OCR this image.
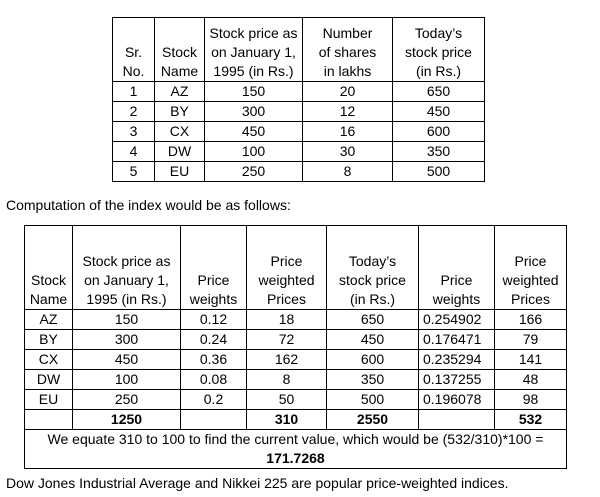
Sr.
No.	Stock
Name	Stock price as
on January 1,
1995 (in Rs.)	Number
of shares
in lakhs	Today’s
stock price
(in Rs.)
1	AZ	150	20	650
2	BY	300	12	450
3	CX	450	16	600
4	DW	100	30	350
5	EU	250	8	500
Computation of the index would be as follows:
Stock
Name	Stock price as
on January 1,
1995 (in Rs.)	Price
weights	Price
weighted
Prices	Today’s
stock price
(in Rs.)	Price
weights	Price
weighted
Prices
AZ	150	0.12	18	650	0.254902	166
BY	300	0.24	72	450	0.176471	79
CX	450	0.36	162	600	0.235294	141
DW	100	0.08	8	350	0.137255	48
EU	250	0.2	50	500	0.196078	98
	1250		310	2550		532

We equate 310 to 100 to find the current value, which would be (532/310)*100 =
171.7268						
Dow Jones Industrial Average and Nikkei 225 are popular price-weighted indices.
